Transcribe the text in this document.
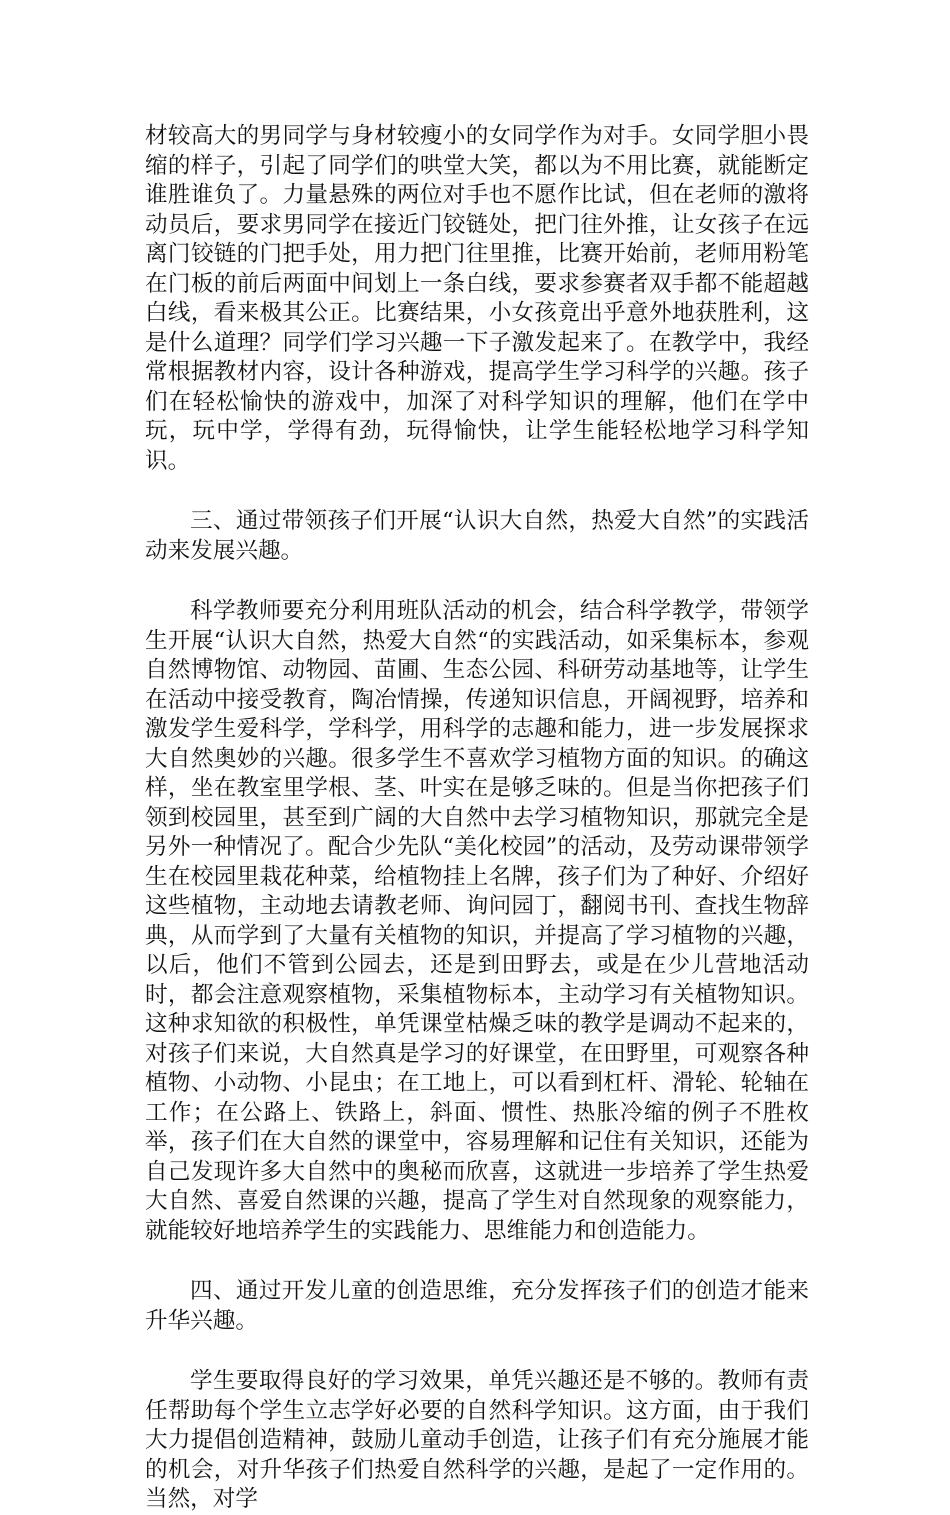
材较高大的男同学与身材较瘦小的女同学作为对手。女同学胆小畏缩的样子，引起了同学们的哄堂大笑，都以为不用比赛，就能断定谁胜谁负了。力量悬殊的两位对手也不愿作比试，但在老师的激将动员后，要求男同学在接近门铰链处，把门往外推，让女孩子在远离门铰链的门把手处，用力把门往里推，比赛开始前，老师用粉笔在门板的前后两面中间划上一条白线，要求参赛者双手都不能超越白线，看来极其公正。比赛结果，小女孩竟出乎意外地获胜利，这是什么道理？同学们学习兴趣一下子激发起来了。在教学中，我经常根据教材内容，设计各种游戏，提高学生学习科学的兴趣。孩子们在轻松愉快的游戏中，加深了对科学知识的理解，他们在学中玩，玩中学，学得有劲，玩得愉快，让学生能轻松地学习科学知识。

三、通过带领孩子们开展“认识大自然，热爱大自然”的实践活动来发展兴趣。

科学教师要充分利用班队活动的机会，结合科学教学，带领学生开展“认识大自然，热爱大自然“的实践活动，如采集标本，参观自然博物馆、动物园、苗圃、生态公园、科研劳动基地等，让学生在活动中接受教育，陶冶情操，传递知识信息，开阔视野，培养和激发学生爱科学，学科学，用科学的志趣和能力，进一步发展探求大自然奥妙的兴趣。很多学生不喜欢学习植物方面的知识。的确这样，坐在教室里学根、茎、叶实在是够乏味的。但是当你把孩子们领到校园里，甚至到广阔的大自然中去学习植物知识，那就完全是另外一种情况了。配合少先队“美化校园”的活动，及劳动课带领学生在校园里栽花种菜，给植物挂上名牌，孩子们为了种好、介绍好这些植物，主动地去请教老师、询问园丁，翻阅书刊、查找生物辞典，从而学到了大量有关植物的知识，并提高了学习植物的兴趣，以后，他们不管到公园去，还是到田野去，或是在少儿营地活动时，都会注意观察植物，采集植物标本，主动学习有关植物知识。这种求知欲的积极性，单凭课堂枯燥乏味的教学是调动不起来的，对孩子们来说，大自然真是学习的好课堂，在田野里，可观察各种植物、小动物、小昆虫；在工地上，可以看到杠杆、滑轮、轮轴在工作；在公路上、铁路上，斜面、惯性、热胀冷缩的例子不胜枚举，孩子们在大自然的课堂中，容易理解和记住有关知识，还能为自己发现许多大自然中的奥秘而欣喜，这就进一步培养了学生热爱大自然、喜爱自然课的兴趣，提高了学生对自然现象的观察能力，就能较好地培养学生的实践能力、思维能力和创造能力。

四、通过开发儿童的创造思维，充分发挥孩子们的创造才能来升华兴趣。

学生要取得良好的学习效果，单凭兴趣还是不够的。教师有责任帮助每个学生立志学好必要的自然科学知识。这方面，由于我们大力提倡创造精神，鼓励儿童动手创造，让孩子们有充分施展才能的机会，对升华孩子们热爱自然科学的兴趣，是起了一定作用的。当然，对学
